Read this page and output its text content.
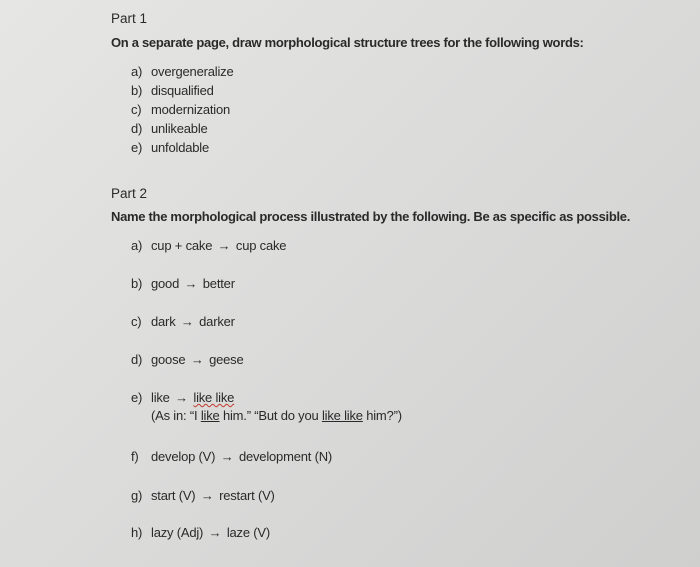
Part 1
On a separate page, draw morphological structure trees for the following words:
a) overgeneralize
b) disqualified
c) modernization
d) unlikeable
e) unfoldable
Part 2
Name the morphological process illustrated by the following. Be as specific as possible.
a) cup + cake → cup cake
b) good → better
c) dark → darker
d) goose → geese
e) like → like like
(As in: “I like him.” “But do you like like him?”)
f) develop (V) → development (N)
g) start (V) → restart (V)
h) lazy (Adj) → laze (V)
